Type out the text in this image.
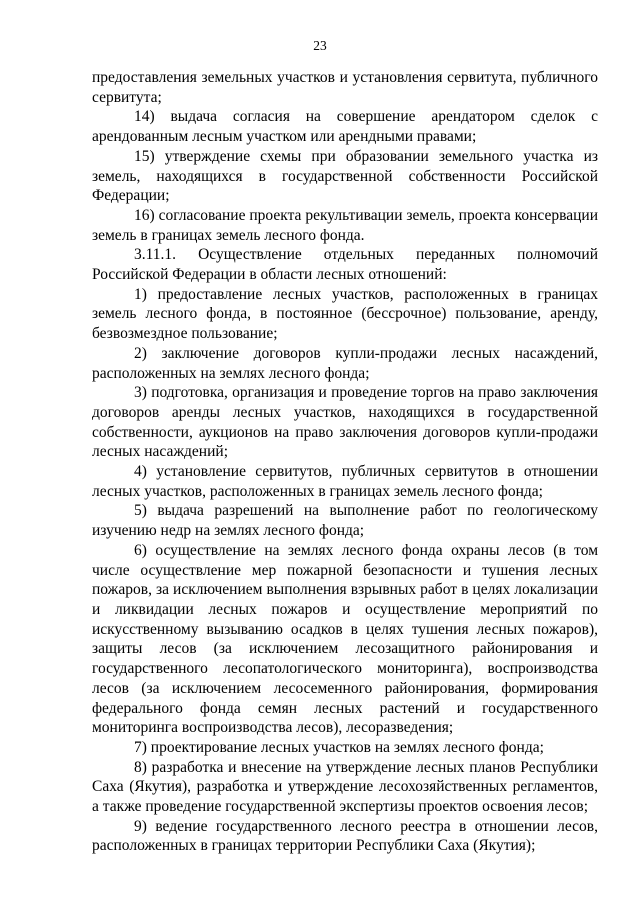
23

предоставления земельных участков и установления сервитута, публичного сервитута;

14) выдача согласия на совершение арендатором сделок с арендованным лесным участком или арендными правами;

15) утверждение схемы при образовании земельного участка из земель, находящихся в государственной собственности Российской Федерации;

16) согласование проекта рекультивации земель, проекта консервации земель в границах земель лесного фонда.

3.11.1. Осуществление отдельных переданных полномочий Российской Федерации в области лесных отношений:

1) предоставление лесных участков, расположенных в границах земель лесного фонда, в постоянное (бессрочное) пользование, аренду, безвозмездное пользование;

2) заключение договоров купли-продажи лесных насаждений, расположенных на землях лесного фонда;

3) подготовка, организация и проведение торгов на право заключения договоров аренды лесных участков, находящихся в государственной собственности, аукционов на право заключения договоров купли-продажи лесных насаждений;

4) установление сервитутов, публичных сервитутов в отношении лесных участков, расположенных в границах земель лесного фонда;

5) выдача разрешений на выполнение работ по геологическому изучению недр на землях лесного фонда;

6) осуществление на землях лесного фонда охраны лесов (в том числе осуществление мер пожарной безопасности и тушения лесных пожаров, за исключением выполнения взрывных работ в целях локализации и ликвидации лесных пожаров и осуществление мероприятий по искусственному вызыванию осадков в целях тушения лесных пожаров), защиты лесов (за исключением лесозащитного районирования и государственного лесопатологического мониторинга), воспроизводства лесов (за исключением лесосеменного районирования, формирования федерального фонда семян лесных растений и государственного мониторинга воспроизводства лесов), лесоразведения;

7) проектирование лесных участков на землях лесного фонда;

8) разработка и внесение на утверждение лесных планов Республики Саха (Якутия), разработка и утверждение лесохозяйственных регламентов, а также проведение государственной экспертизы проектов освоения лесов;

9) ведение государственного лесного реестра в отношении лесов, расположенных в границах территории Республики Саха (Якутия);
